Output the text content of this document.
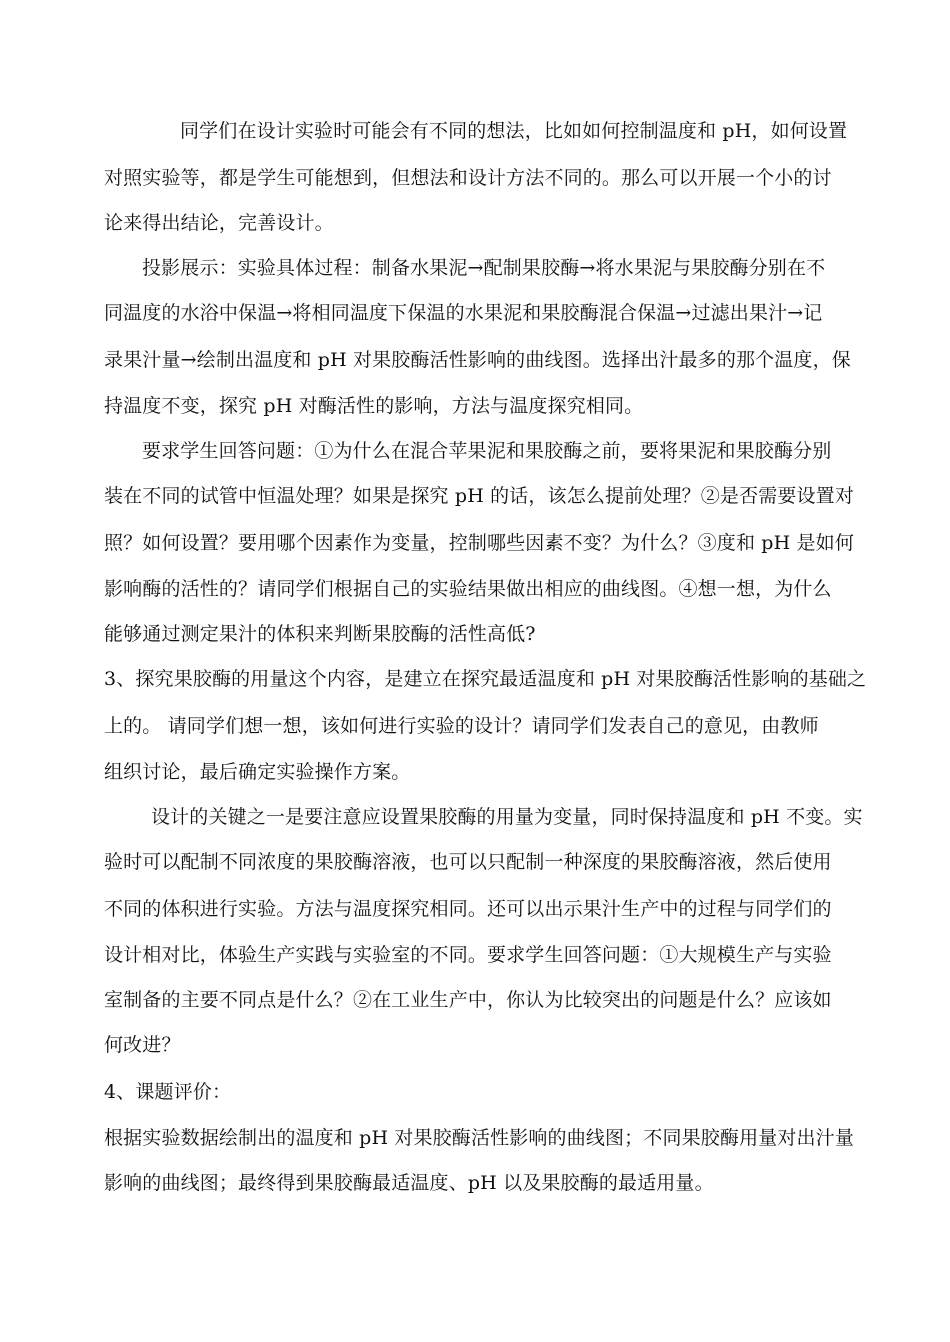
同学们在设计实验时可能会有不同的想法，比如如何控制温度和 pH，如何设置
对照实验等，都是学生可能想到，但想法和设计方法不同的。那么可以开展一个小的讨
论来得出结论，完善设计。
投影展示：实验具体过程：制备水果泥→配制果胶酶→将水果泥与果胶酶分别在不
同温度的水浴中保温→将相同温度下保温的水果泥和果胶酶混合保温→过滤出果汁→记
录果汁量→绘制出温度和 pH 对果胶酶活性影响的曲线图。选择出汁最多的那个温度，保
持温度不变，探究 pH 对酶活性的影响，方法与温度探究相同。
要求学生回答问题：①为什么在混合苹果泥和果胶酶之前，要将果泥和果胶酶分别
装在不同的试管中恒温处理？如果是探究 pH 的话，该怎么提前处理？②是否需要设置对
照？如何设置？要用哪个因素作为变量，控制哪些因素不变？为什么？③度和 pH 是如何
影响酶的活性的？请同学们根据自己的实验结果做出相应的曲线图。④想一想，为什么
能够通过测定果汁的体积来判断果胶酶的活性高低?
3、探究果胶酶的用量这个内容，是建立在探究最适温度和 pH 对果胶酶活性影响的基础之
上的。 请同学们想一想，该如何进行实验的设计？请同学们发表自己的意见，由教师
组织讨论，最后确定实验操作方案。
设计的关键之一是要注意应设置果胶酶的用量为变量，同时保持温度和 pH 不变。实
验时可以配制不同浓度的果胶酶溶液，也可以只配制一种深度的果胶酶溶液，然后使用
不同的体积进行实验。方法与温度探究相同。还可以出示果汁生产中的过程与同学们的
设计相对比，体验生产实践与实验室的不同。要求学生回答问题：①大规模生产与实验
室制备的主要不同点是什么？②在工业生产中，你认为比较突出的问题是什么？应该如
何改进？
4、课题评价：
根据实验数据绘制出的温度和 pH 对果胶酶活性影响的曲线图；不同果胶酶用量对出汁量
影响的曲线图；最终得到果胶酶最适温度、pH 以及果胶酶的最适用量。
